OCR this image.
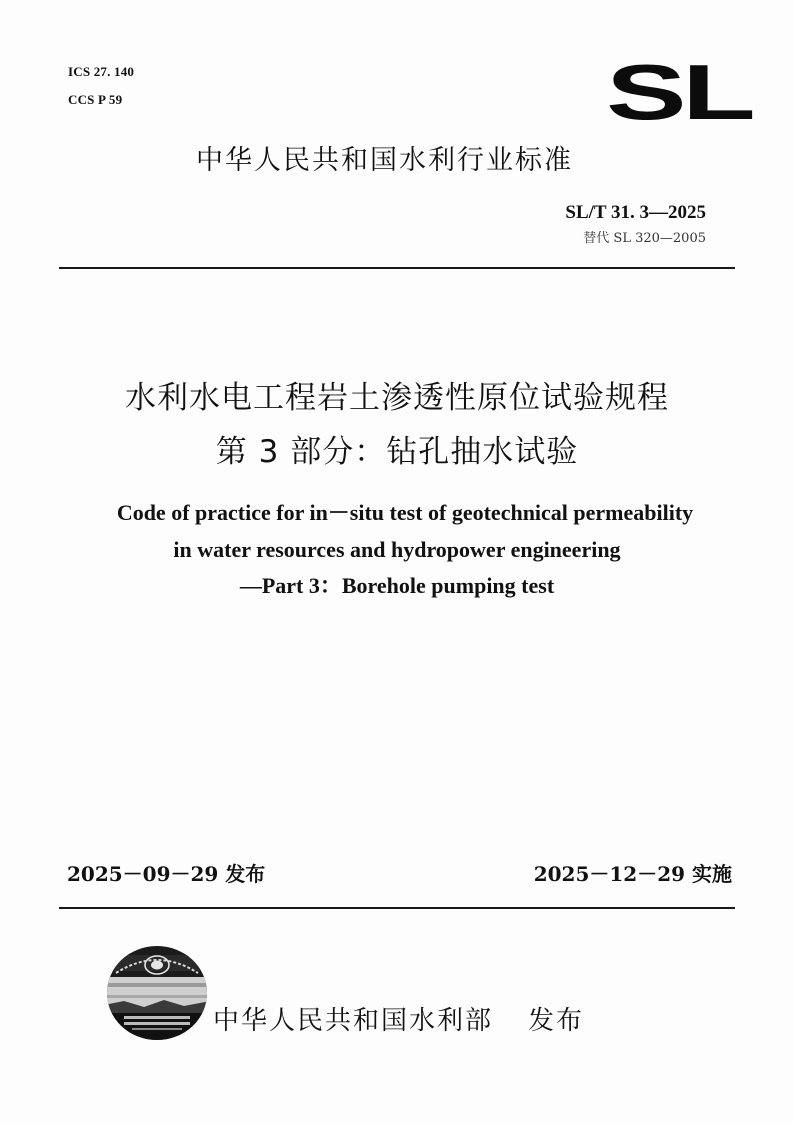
ICS 27. 140
CCS P 59	SL
中华人民共和国水利行业标准
SL/T 31. 3—2025
替代 SL 320—2005
水利水电工程岩土渗透性原位试验规程
第 3 部分：钻孔抽水试验
Code of practice for in－situ test of geotechnical permeability
in water resources and hydropower engineering
—Part 3：Borehole pumping test
2025－09－29 发布	2025－12－29 实施
中华人民共和国水利部 发布
